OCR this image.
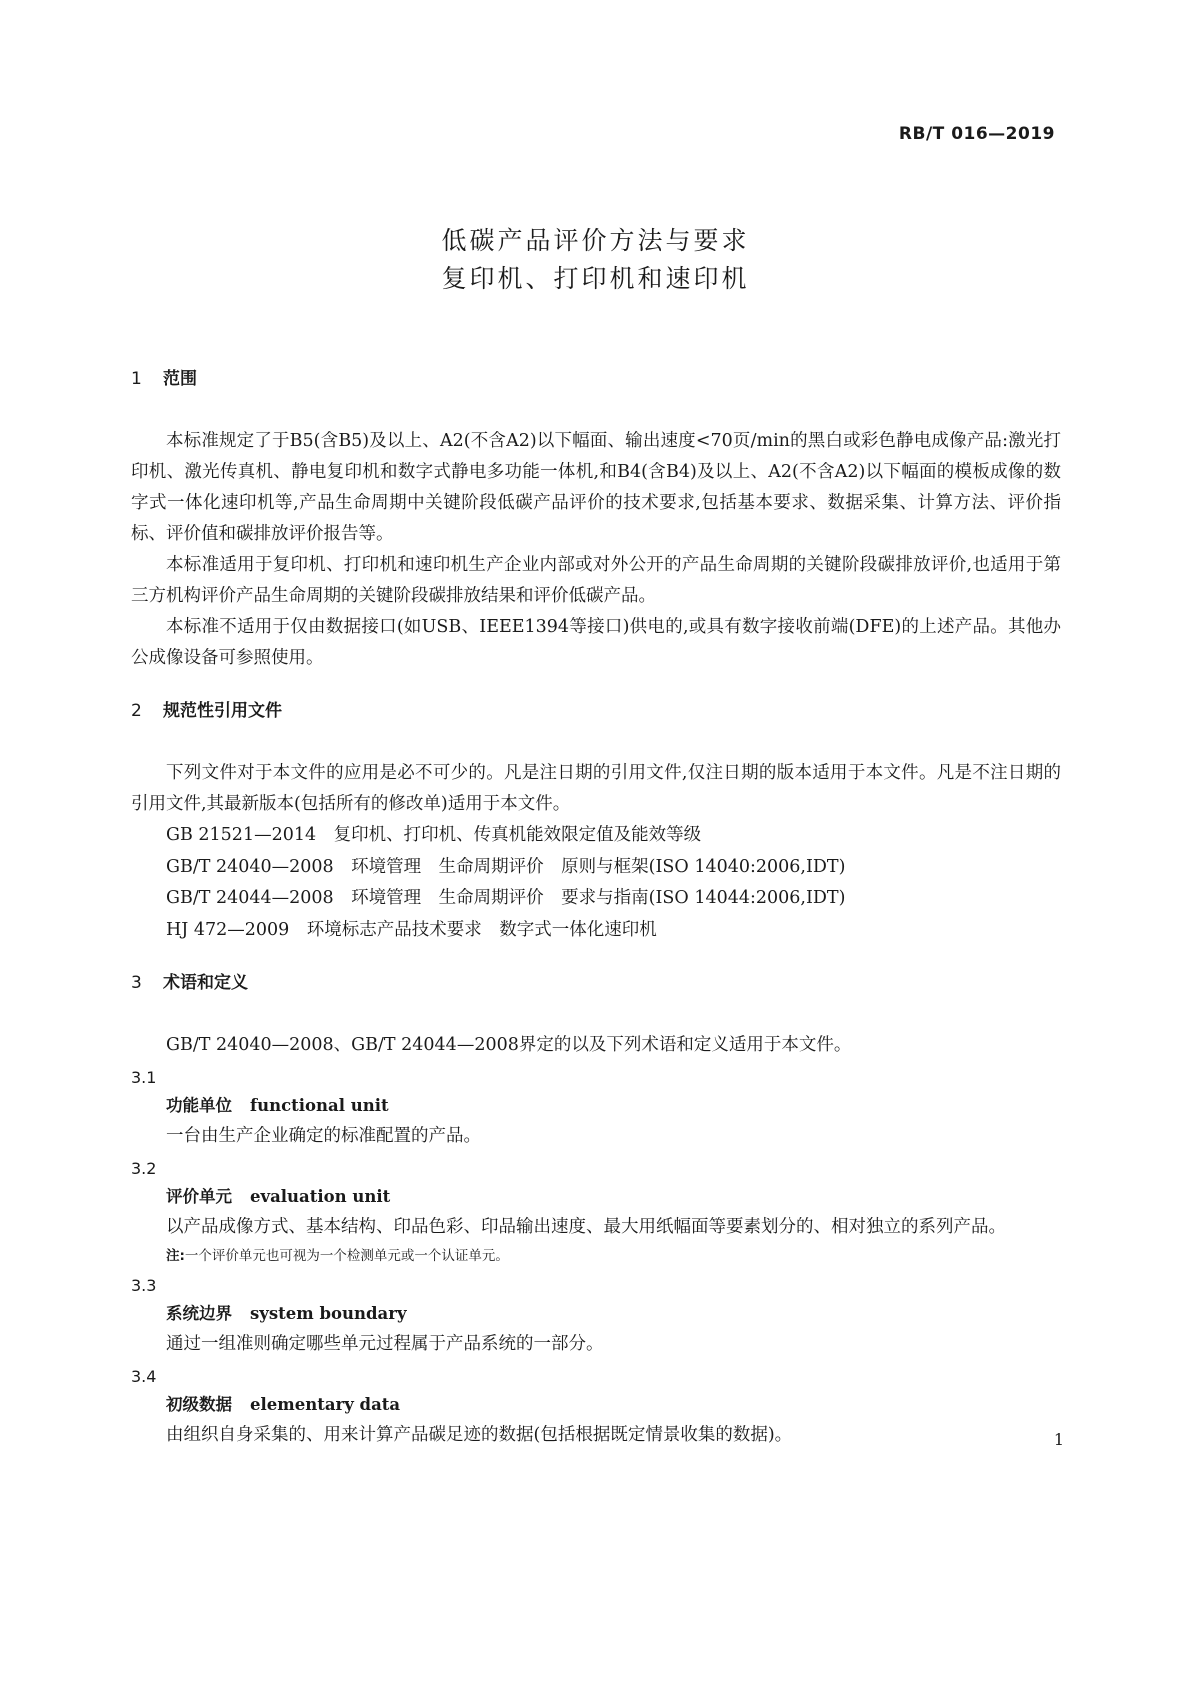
RB/T 016—2019
低碳产品评价方法与要求
复印机、打印机和速印机
1 范围

本标准规定了于B5(含B5)及以上、A2(不含A2)以下幅面、输出速度<70页/min的黑白或彩色静电成像产品:激光打印机、激光传真机、静电复印机和数字式静电多功能一体机,和B4(含B4)及以上、A2(不含A2)以下幅面的模板成像的数字式一体化速印机等,产品生命周期中关键阶段低碳产品评价的技术要求,包括基本要求、数据采集、计算方法、评价指标、评价值和碳排放评价报告等。

本标准适用于复印机、打印机和速印机生产企业内部或对外公开的产品生命周期的关键阶段碳排放评价,也适用于第三方机构评价产品生命周期的关键阶段碳排放结果和评价低碳产品。

本标准不适用于仅由数据接口(如USB、IEEE1394等接口)供电的,或具有数字接收前端(DFE)的上述产品。其他办公成像设备可参照使用。

2 规范性引用文件

下列文件对于本文件的应用是必不可少的。凡是注日期的引用文件,仅注日期的版本适用于本文件。凡是不注日期的引用文件,其最新版本(包括所有的修改单)适用于本文件。

GB 21521—2014　复印机、打印机、传真机能效限定值及能效等级
GB/T 24040—2008　环境管理　生命周期评价　原则与框架(ISO 14040:2006,IDT)
GB/T 24044—2008　环境管理　生命周期评价　要求与指南(ISO 14044:2006,IDT)
HJ 472—2009　环境标志产品技术要求　数字式一体化速印机
3 术语和定义

GB/T 24040—2008、GB/T 24044—2008界定的以及下列术语和定义适用于本文件。

3.1
功能单位 functional unit

一台由生产企业确定的标准配置的产品。

3.2
评价单元 evaluation unit

以产品成像方式、基本结构、印品色彩、印品输出速度、最大用纸幅面等要素划分的、相对独立的系列产品。

注:一个评价单元也可视为一个检测单元或一个认证单元。
3.3
系统边界 system boundary

通过一组准则确定哪些单元过程属于产品系统的一部分。

3.4
初级数据 elementary data

由组织自身采集的、用来计算产品碳足迹的数据(包括根据既定情景收集的数据)。	1
